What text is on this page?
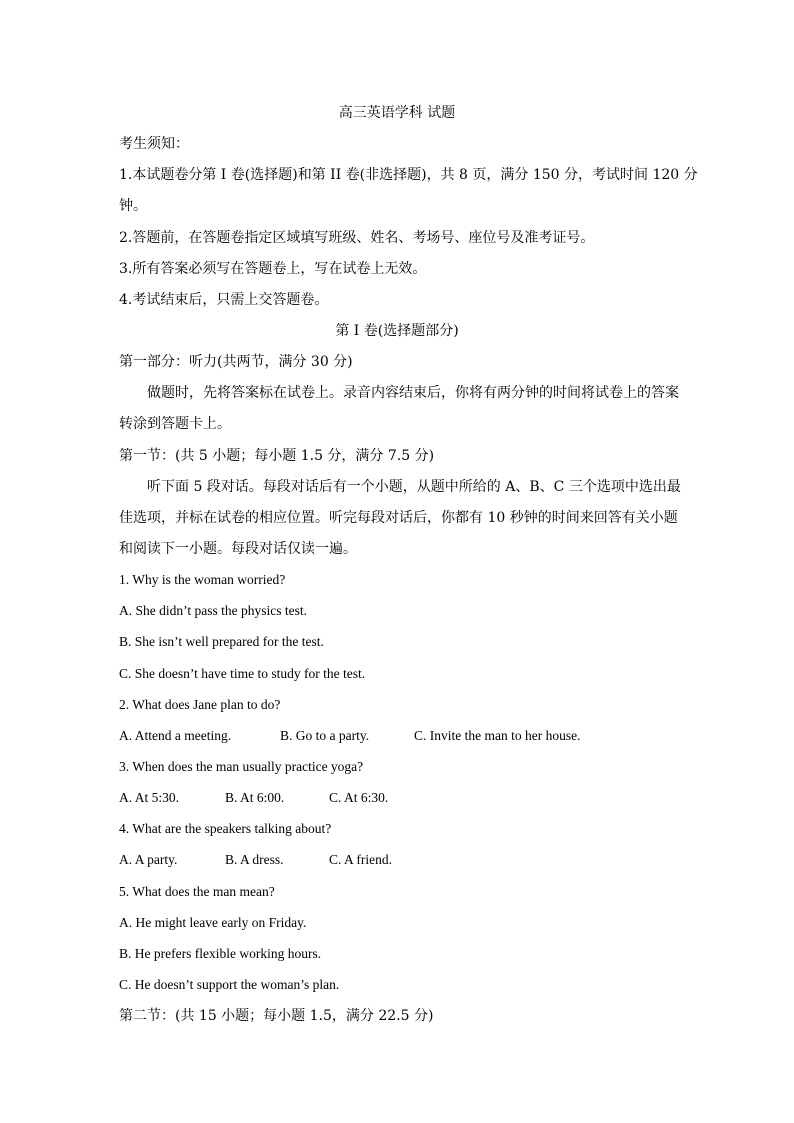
高三英语学科 试题
考生须知：
1.本试题卷分第 I 卷(选择题)和第 II 卷(非选择题)，共 8 页，满分 150 分，考试时间 120 分
钟。
2.答题前，在答题卷指定区域填写班级、姓名、考场号、座位号及准考证号。
3.所有答案必须写在答题卷上，写在试卷上无效。
4.考试结束后，只需上交答题卷。
第 I 卷(选择题部分)
第一部分：听力(共两节，满分 30 分)
做题时，先将答案标在试卷上。录音内容结束后，你将有两分钟的时间将试卷上的答案
转涂到答题卡上。
第一节：(共 5 小题；每小题 1.5 分，满分 7.5 分)
听下面 5 段对话。每段对话后有一个小题，从题中所给的 A、B、C 三个选项中选出最
佳选项，并标在试卷的相应位置。听完每段对话后，你都有 10 秒钟的时间来回答有关小题
和阅读下一小题。每段对话仅读一遍。
1. Why is the woman worried?
A. She didn’t pass the physics test.
B. She isn’t well prepared for the test.
C. She doesn’t have time to study for the test.
2. What does Jane plan to do?
A. Attend a meeting.	B. Go to a party.	C. Invite the man to her house.
3. When does the man usually practice yoga?
A. At 5:30.	B. At 6:00.	C. At 6:30.
4. What are the speakers talking about?
A. A party.	B. A dress.	C. A friend.
5. What does the man mean?
A. He might leave early on Friday.
B. He prefers flexible working hours.
C. He doesn’t support the woman’s plan.
第二节：(共 15 小题；每小题 1.5，满分 22.5 分)
